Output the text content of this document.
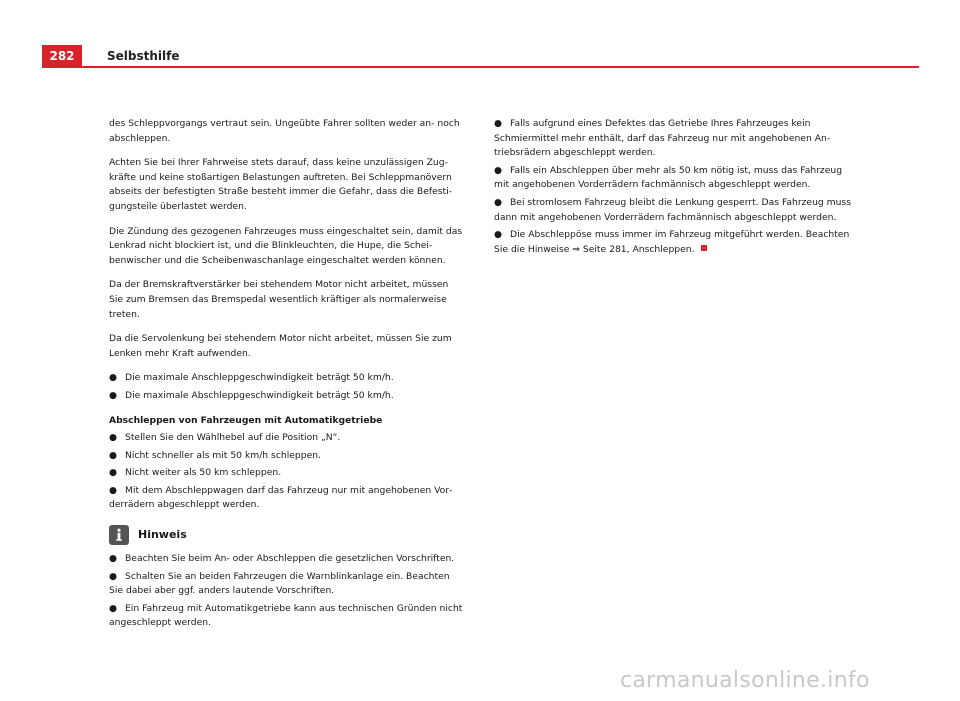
282	Selbsthilfe

des Schleppvorgangs vertraut sein. Ungeübte Fahrer sollten weder an- noch abschleppen.

Achten Sie bei Ihrer Fahrweise stets darauf, dass keine unzulässigen Zugkräfte und keine stoßartigen Belastungen auftreten. Bei Schleppmanövern abseits der befestigten Straße besteht immer die Gefahr, dass die Befestigungsteile überlastet werden.

Die Zündung des gezogenen Fahrzeuges muss eingeschaltet sein, damit das Lenkrad nicht blockiert ist, und die Blinkleuchten, die Hupe, die Scheibenwischer und die Scheibenwaschanlage eingeschaltet werden können.

Da der Bremskraftverstärker bei stehendem Motor nicht arbeitet, müssen Sie zum Bremsen das Bremspedal wesentlich kräftiger als normalerweise treten.

Da die Servolenkung bei stehendem Motor nicht arbeitet, müssen Sie zum Lenken mehr Kraft aufwenden.

● Die maximale Anschleppgeschwindigkeit beträgt 50 km/h.
● Die maximale Abschleppgeschwindigkeit beträgt 50 km/h.
Abschleppen von Fahrzeugen mit Automatikgetriebe
● Stellen Sie den Wählhebel auf die Position „N“.
● Nicht schneller als mit 50 km/h schleppen.
● Nicht weiter als 50 km schleppen.
● Mit dem Abschleppwagen darf das Fahrzeug nur mit angehobenen Vorderrädern abgeschleppt werden.
Hinweis
● Beachten Sie beim An- oder Abschleppen die gesetzlichen Vorschriften.
● Schalten Sie an beiden Fahrzeugen die Warnblinkanlage ein. Beachten Sie dabei aber ggf. anders lautende Vorschriften.
● Ein Fahrzeug mit Automatikgetriebe kann aus technischen Gründen nicht angeschleppt werden.
● Falls aufgrund eines Defektes das Getriebe Ihres Fahrzeuges kein Schmiermittel mehr enthält, darf das Fahrzeug nur mit angehobenen Antriebsrädern abgeschleppt werden.
● Falls ein Abschleppen über mehr als 50 km nötig ist, muss das Fahrzeug mit angehobenen Vorderrädern fachmännisch abgeschleppt werden.
● Bei stromlosem Fahrzeug bleibt die Lenkung gesperrt. Das Fahrzeug muss dann mit angehobenen Vorderrädern fachmännisch abgeschleppt werden.
● Die Abschleppöse muss immer im Fahrzeug mitgeführt werden. Beachten Sie die Hinweise ⇒ Seite 281, Anschleppen.
carmanualsonline.info
